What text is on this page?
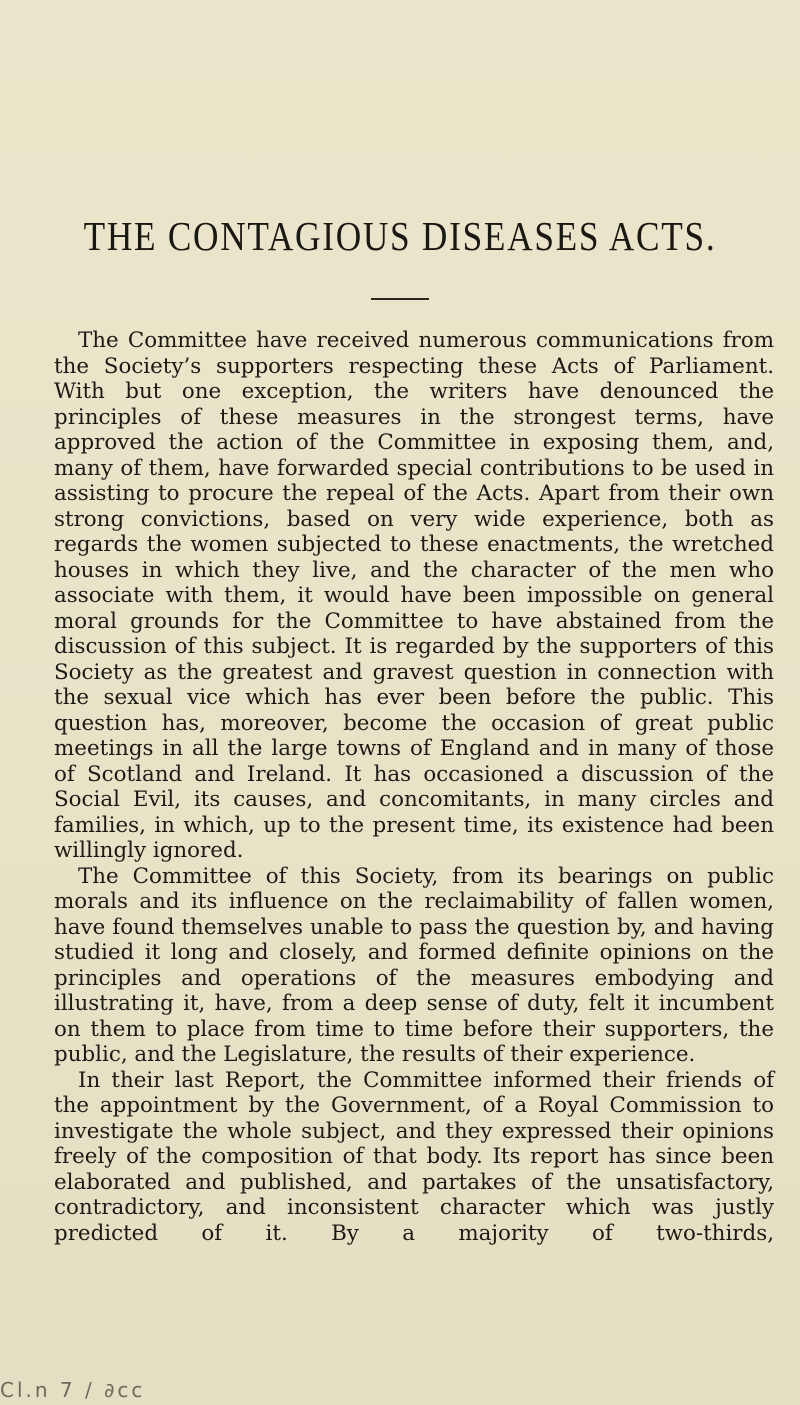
THE CONTAGIOUS DISEASES ACTS.

The Committee have received numerous communications from the Society’s supporters respecting these Acts of Parliament. With but one exception, the writers have denounced the principles of these measures in the strongest terms, have approved the action of the Committee in exposing them, and, many of them, have forwarded special contributions to be used in assisting to procure the repeal of the Acts. Apart from their own strong convictions, based on very wide experience, both as regards the women subjected to these enactments, the wretched houses in which they live, and the character of the men who associate with them, it would have been impossible on general moral grounds for the Committee to have abstained from the discussion of this subject. It is regarded by the supporters of this Society as the greatest and gravest question in connection with the sexual vice which has ever been before the public. This question has, moreover, become the occasion of great public meetings in all the large towns of England and in many of those of Scotland and Ireland. It has occasioned a discussion of the Social Evil, its causes, and concomitants, in many circles and families, in which, up to the present time, its existence had been willingly ignored.

The Committee of this Society, from its bearings on public morals and its influence on the reclaimability of fallen women, have found themselves unable to pass the question by, and having studied it long and closely, and formed definite opinions on the principles and operations of the measures embodying and illustrating it, have, from a deep sense of duty, felt it incumbent on them to place from time to time before their supporters, the public, and the Legislature, the results of their experience.

In their last Report, the Committee informed their friends of the appointment by the Government, of a Royal Commission to investigate the whole subject, and they expressed their opinions freely of the composition of that body. Its report has since been elaborated and published, and partakes of the unsatisfactory, contradictory, and inconsistent character which was justly predicted of it. By a majority of two-thirds,

Cl.n 7 / ∂cc
